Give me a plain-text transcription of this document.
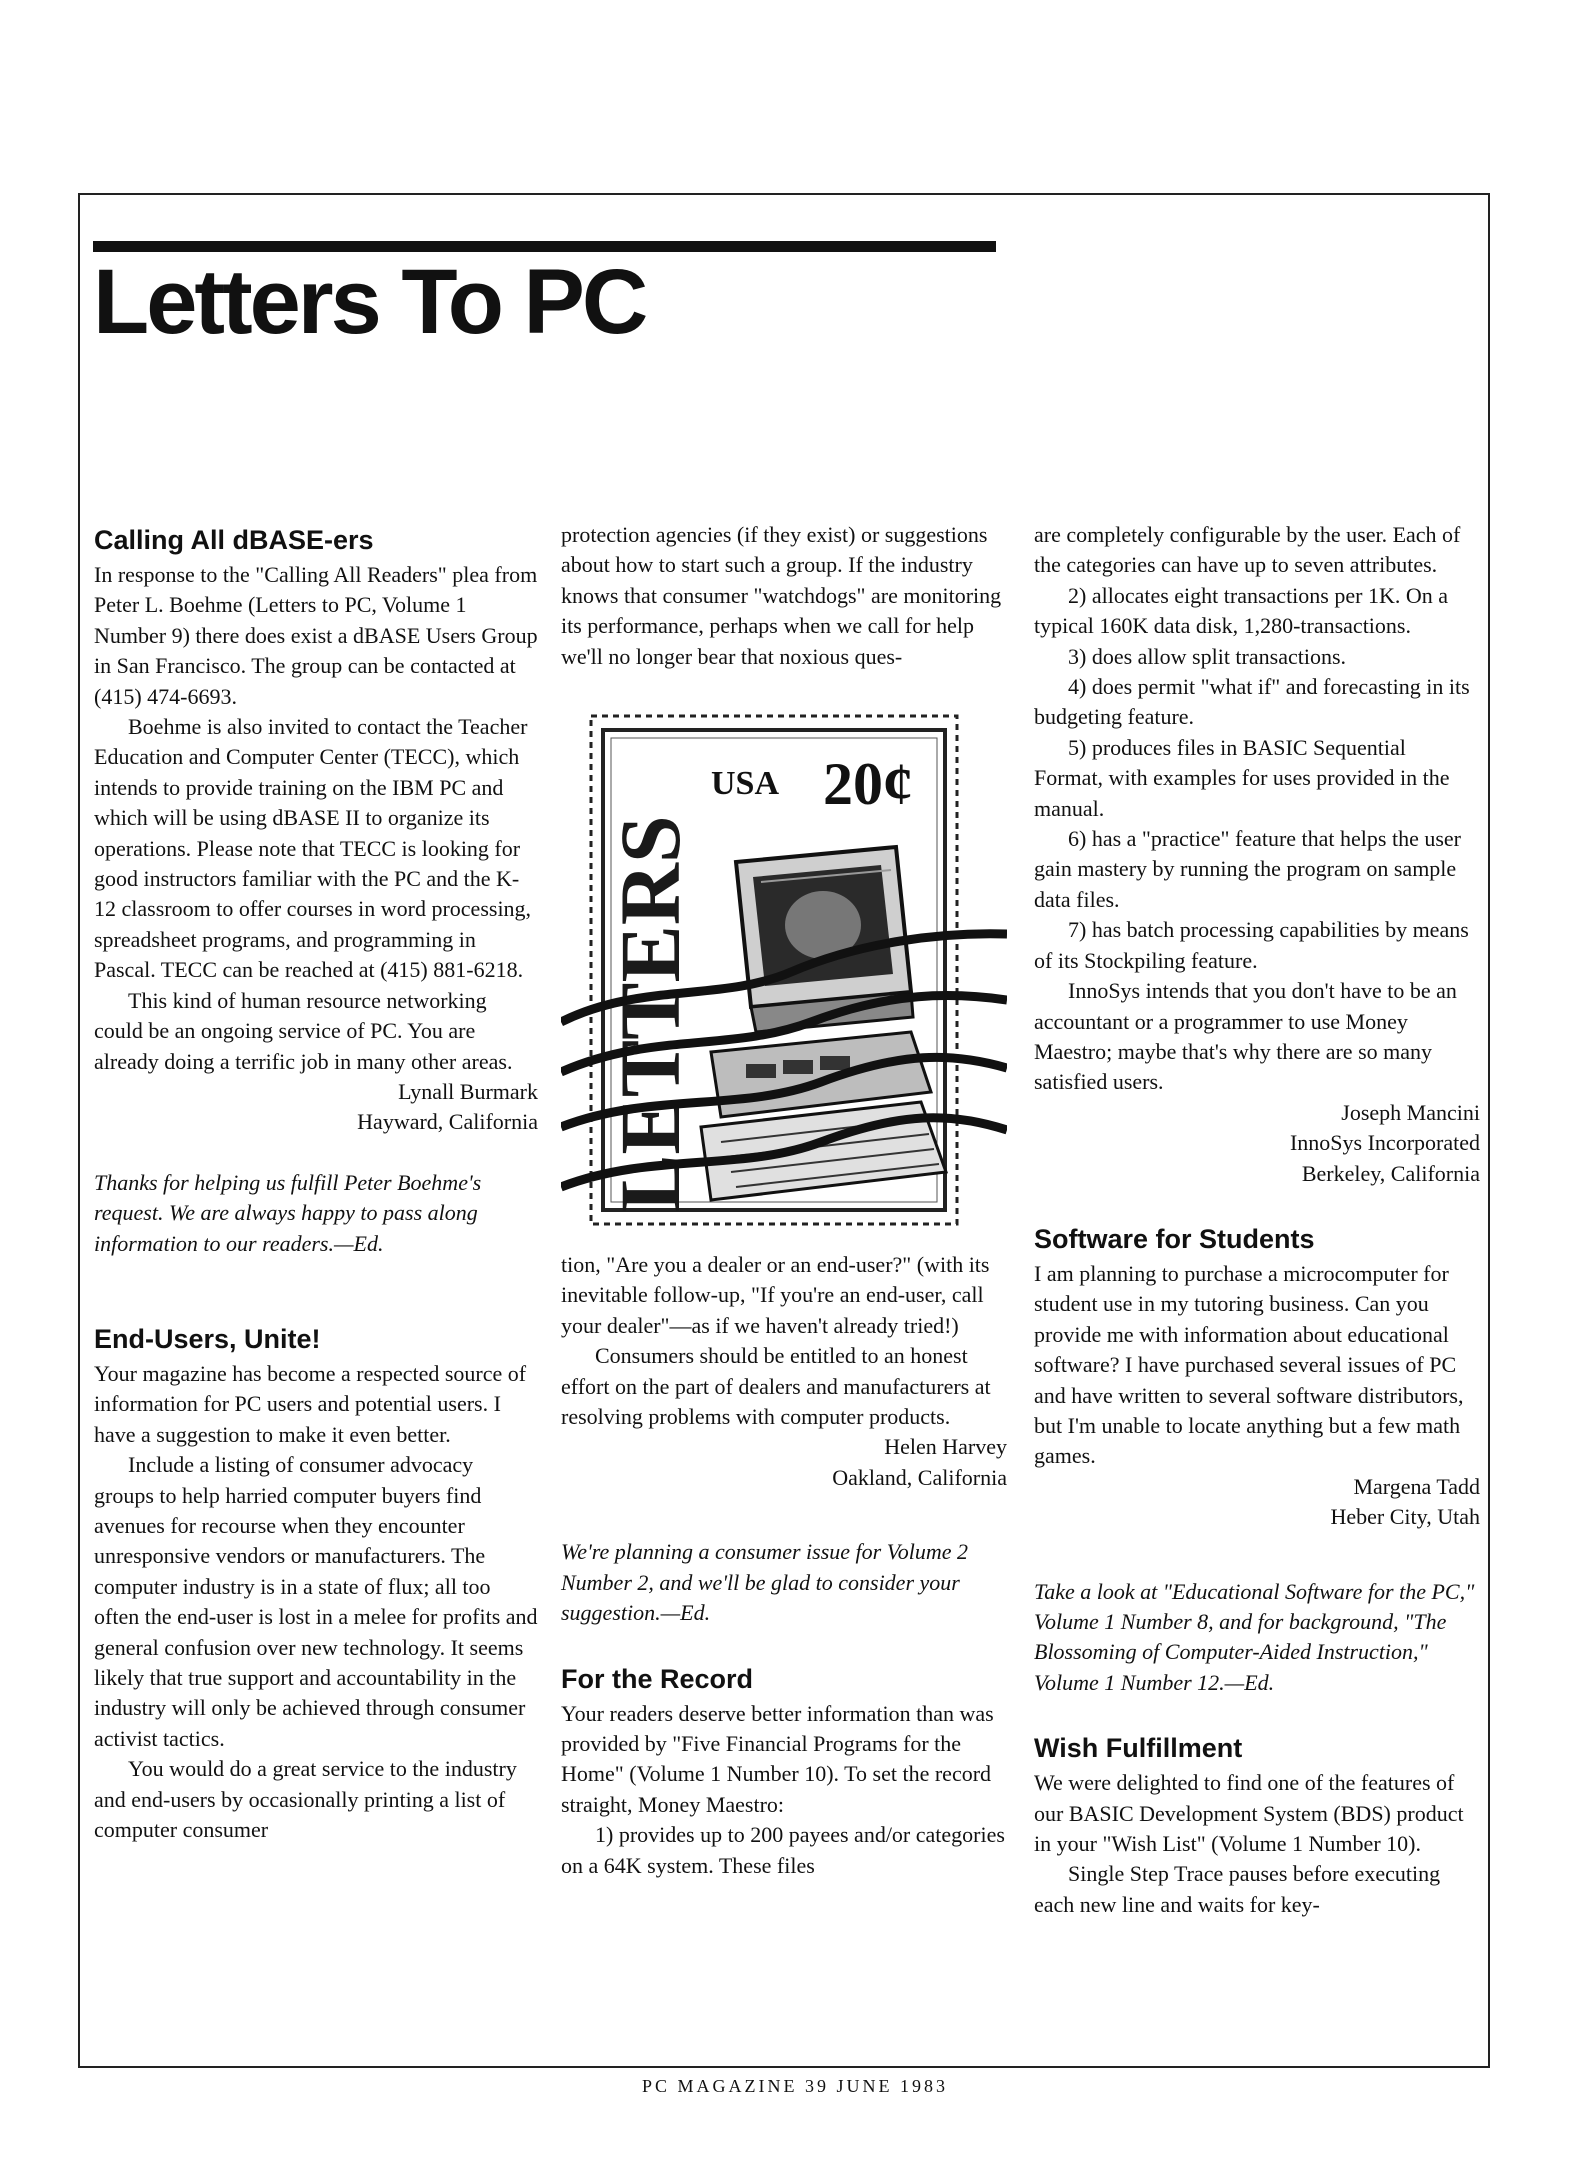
Letters To PC
Calling All dBASE-ers

In response to the "Calling All Readers" plea from Peter L. Boehme (Letters to PC, Volume 1 Number 9) there does exist a dBASE Users Group in San Francisco. The group can be contacted at (415) 474-6693.

Boehme is also invited to contact the Teacher Education and Computer Center (TECC), which intends to provide training on the IBM PC and which will be using dBASE II to organize its operations. Please note that TECC is looking for good instructors familiar with the PC and the K-12 classroom to offer courses in word processing, spreadsheet programs, and programming in Pascal. TECC can be reached at (415) 881-6218.

This kind of human resource networking could be an ongoing service of PC. You are already doing a terrific job in many other areas.

Lynall Burmark

Hayward, California

Thanks for helping us fulfill Peter Boehme's request. We are always happy to pass along information to our readers.—Ed.

End-Users, Unite!

Your magazine has become a respected source of information for PC users and potential users. I have a suggestion to make it even better.

Include a listing of consumer advocacy groups to help harried computer buyers find avenues for recourse when they encounter unresponsive vendors or manufacturers. The computer industry is in a state of flux; all too often the end-user is lost in a melee for profits and general confusion over new technology. It seems likely that true support and accountability in the industry will only be achieved through consumer activist tactics.

You would do a great service to the industry and end-users by occasionally printing a list of computer consumer

protection agencies (if they exist) or suggestions about how to start such a group. If the industry knows that consumer "watchdogs" are monitoring its performance, perhaps when we call for help we'll no longer bear that noxious ques-

LETTERS
USA 20¢

tion, "Are you a dealer or an end-user?" (with its inevitable follow-up, "If you're an end-user, call your dealer"—as if we haven't already tried!)

Consumers should be entitled to an honest effort on the part of dealers and manufacturers at resolving problems with computer products.

Helen Harvey

Oakland, California

We're planning a consumer issue for Volume 2 Number 2, and we'll be glad to consider your suggestion.—Ed.

For the Record

Your readers deserve better information than was provided by "Five Financial Programs for the Home" (Volume 1 Number 10). To set the record straight, Money Maestro:

1) provides up to 200 payees and/or categories on a 64K system. These files

are completely configurable by the user. Each of the categories can have up to seven attributes.

2) allocates eight transactions per 1K. On a typical 160K data disk, 1,280-transactions.

3) does allow split transactions.

4) does permit "what if" and forecasting in its budgeting feature.

5) produces files in BASIC Sequential Format, with examples for uses provided in the manual.

6) has a "practice" feature that helps the user gain mastery by running the program on sample data files.

7) has batch processing capabilities by means of its Stockpiling feature.

InnoSys intends that you don't have to be an accountant or a programmer to use Money Maestro; maybe that's why there are so many satisfied users.

Joseph Mancini

InnoSys Incorporated

Berkeley, California

Software for Students

I am planning to purchase a microcomputer for student use in my tutoring business. Can you provide me with information about educational software? I have purchased several issues of PC and have written to several software distributors, but I'm unable to locate anything but a few math games.

Margena Tadd

Heber City, Utah

Take a look at "Educational Software for the PC," Volume 1 Number 8, and for background, "The Blossoming of Computer-Aided Instruction," Volume 1 Number 12.—Ed.

Wish Fulfillment

We were delighted to find one of the features of our BASIC Development System (BDS) product in your "Wish List" (Volume 1 Number 10).

Single Step Trace pauses before executing each new line and waits for key-

PC MAGAZINE 39 JUNE 1983
